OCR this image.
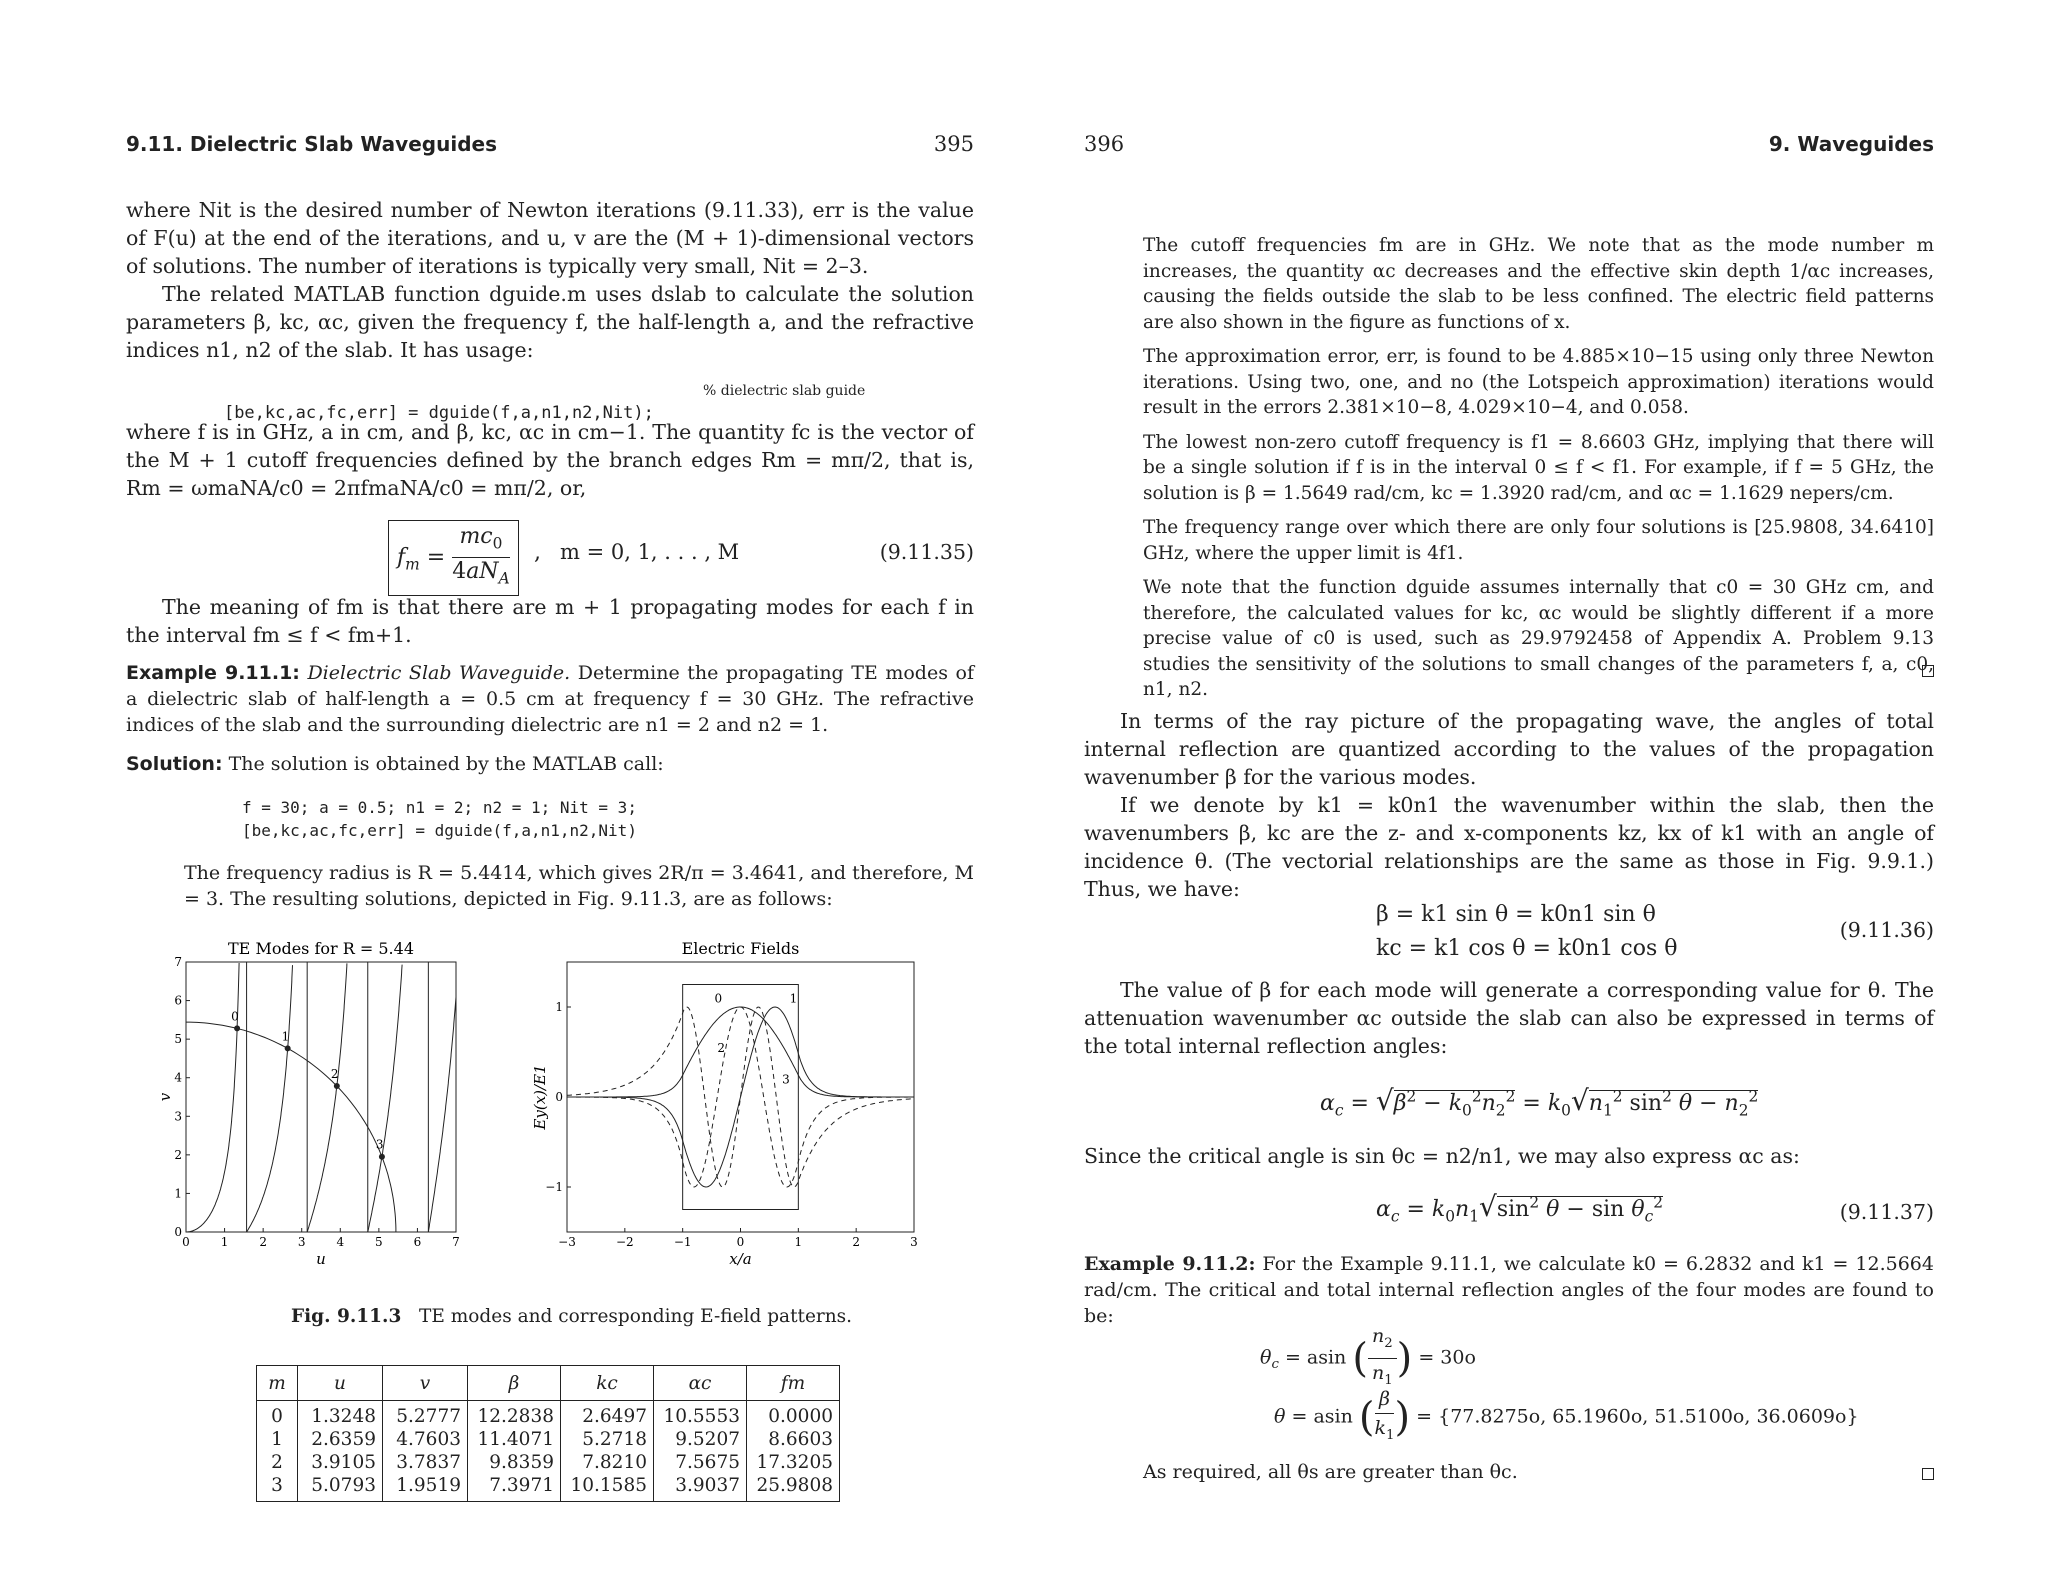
9.11. Dielectric Slab Waveguides	395

where Nit is the desired number of Newton iterations (9.11.33), err is the value of F(u) at the end of the iterations, and u, v are the (M + 1)-dimensional vectors of solutions. The number of iterations is typically very small, Nit = 2–3.

The related MATLAB function dguide.m uses dslab to calculate the solution parameters β, kc, αc, given the frequency f, the half-length a, and the refractive indices n1, n2 of the slab. It has usage:

[be,kc,ac,fc,err] = dguide(f,a,n1,n2,Nit);

% dielectric slab guide

where f is in GHz, a in cm, and β, kc, αc in cm−1. The quantity fc is the vector of the M + 1 cutoff frequencies defined by the branch edges Rm = mπ/2, that is, Rm = ωmaNA/c0 = 2πfmaNA/c0 = mπ/2, or,

$f_m = \frac{mc_0}{4aN_A}$ , m = 0, 1, . . . , M	(9.11.35)

The meaning of fm is that there are m + 1 propagating modes for each f in the interval fm ≤ f < fm+1.

Example 9.11.1: Dielectric Slab Waveguide. Determine the propagating TE modes of a dielectric slab of half-length a = 0.5 cm at frequency f = 30 GHz. The refractive indices of the slab and the surrounding dielectric are n1 = 2 and n2 = 1.
Solution: The solution is obtained by the MATLAB call:
f = 30; a = 0.5; n1 = 2; n2 = 1; Nit = 3;
[be,kc,ac,fc,err] = dguide(f,a,n1,n2,Nit)

The frequency radius is R = 5.4414, which gives 2R/π = 3.4641, and therefore, M = 3. The resulting solutions, depicted in Fig. 9.11.3, are as follows:

TE Modes for R = 5.44
0	1	2	3	4	5	6	7
0
1
2
3
4
5
6
7
u
v
0
1
2
3
Electric Fields
−3	−2	−1	0	1	2	3
−1
0
1
x/a
Ey(x)/E1
0	1
2
3
Fig. 9.11.3 TE modes and corresponding E-field patterns.
m	u	v	β	kc	αc	fm
0	1.3248	5.2777	12.2838	2.6497	10.5553	0.0000
1	2.6359	4.7603	11.4071	5.2718	9.5207	8.6603
2	3.9105	3.7837	9.8359	7.8210	7.5675	17.3205
3	5.0793	1.9519	7.3971	10.1585	3.9037	25.9808
396	9. Waveguides

The cutoff frequencies fm are in GHz. We note that as the mode number m increases, the quantity αc decreases and the effective skin depth 1/αc increases, causing the fields outside the slab to be less confined. The electric field patterns are also shown in the figure as functions of x.

The approximation error, err, is found to be 4.885×10−15 using only three Newton iterations. Using two, one, and no (the Lotspeich approximation) iterations would result in the errors 2.381×10−8, 4.029×10−4, and 0.058.

The lowest non-zero cutoff frequency is f1 = 8.6603 GHz, implying that there will be a single solution if f is in the interval 0 ≤ f < f1. For example, if f = 5 GHz, the solution is β = 1.5649 rad/cm, kc = 1.3920 rad/cm, and αc = 1.1629 nepers/cm.

The frequency range over which there are only four solutions is [25.9808, 34.6410] GHz, where the upper limit is 4f1.

We note that the function dguide assumes internally that c0 = 30 GHz cm, and therefore, the calculated values for kc, αc would be slightly different if a more precise value of c0 is used, such as 29.9792458 of Appendix A. Problem 9.13 studies the sensitivity of the solutions to small changes of the parameters f, a, c0, n1, n2.

In terms of the ray picture of the propagating wave, the angles of total internal reflection are quantized according to the values of the propagation wavenumber β for the various modes.

If we denote by k1 = k0n1 the wavenumber within the slab, then the wavenumbers β, kc are the z- and x-components kz, kx of k1 with an angle of incidence θ. (The vectorial relationships are the same as those in Fig. 9.9.1.) Thus, we have:

β = k1 sin θ = k0n1 sin θ
kc = k1 cos θ = k0n1 cos θ
(9.11.36)

The value of β for each mode will generate a corresponding value for θ. The attenuation wavenumber αc outside the slab can also be expressed in terms of the total internal reflection angles:

$\alpha_c = √\beta^2 - k_0^2n_2^2 = k_0√n_1^2$ $\sin^2 \theta - n_2^2$

Since the critical angle is sin θc = n2/n1, we may also express αc as:

$\alpha_c = k_0n_1√\sin^2$ $\theta - \sin \theta_c^2$	(9.11.37)
Example 9.11.2: For the Example 9.11.1, we calculate k0 = 6.2832 and k1 = 12.5664 rad/cm. The critical and total internal reflection angles of the four modes are found to be:
$\theta_c = asin$ ( $\frac{n_2}{n_1}$ ) = 30o
θ = asin ( $\frac{\beta}{k_1}$ ) = {77.8275o, 65.1960o, 51.5100o, 36.0609o}

As required, all θs are greater than θc.
